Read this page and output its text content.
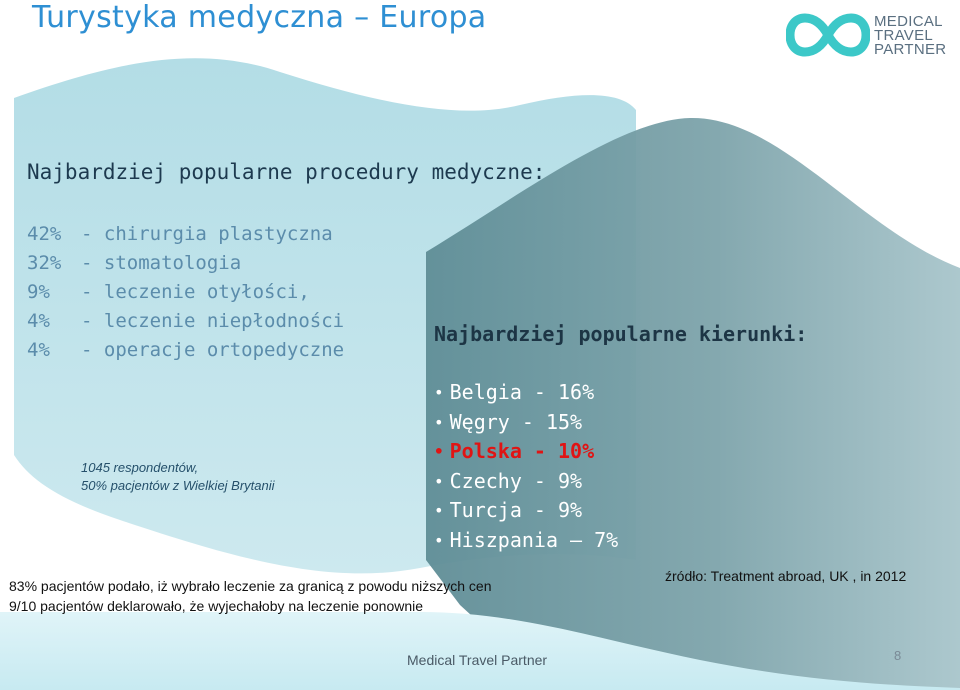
Turystyka medyczna – Europa	MEDICAL
TRAVEL
PARTNER
Najbardziej popularne procedury medyczne:
42% - chirurgia plastyczna
32% - stomatologia
9% - leczenie otyłości,
4% - leczenie niepłodności
4% - operacje ortopedyczne
1045 respondentów,
50% pacjentów z Wielkiej Brytanii
Najbardziej popularne kierunki:
• Belgia - 16%
• Węgry - 15%
• Polska - 10%
• Czechy - 9%
• Turcja - 9%
• Hiszpania – 7%
83% pacjentów podało, iż wybrało leczenie za granicą z powodu niższych cen
9/10 pacjentów deklarowało, że wyjechałoby na leczenie ponownie
źródło: Treatment abroad, UK , in 2012
Medical Travel Partner	8
